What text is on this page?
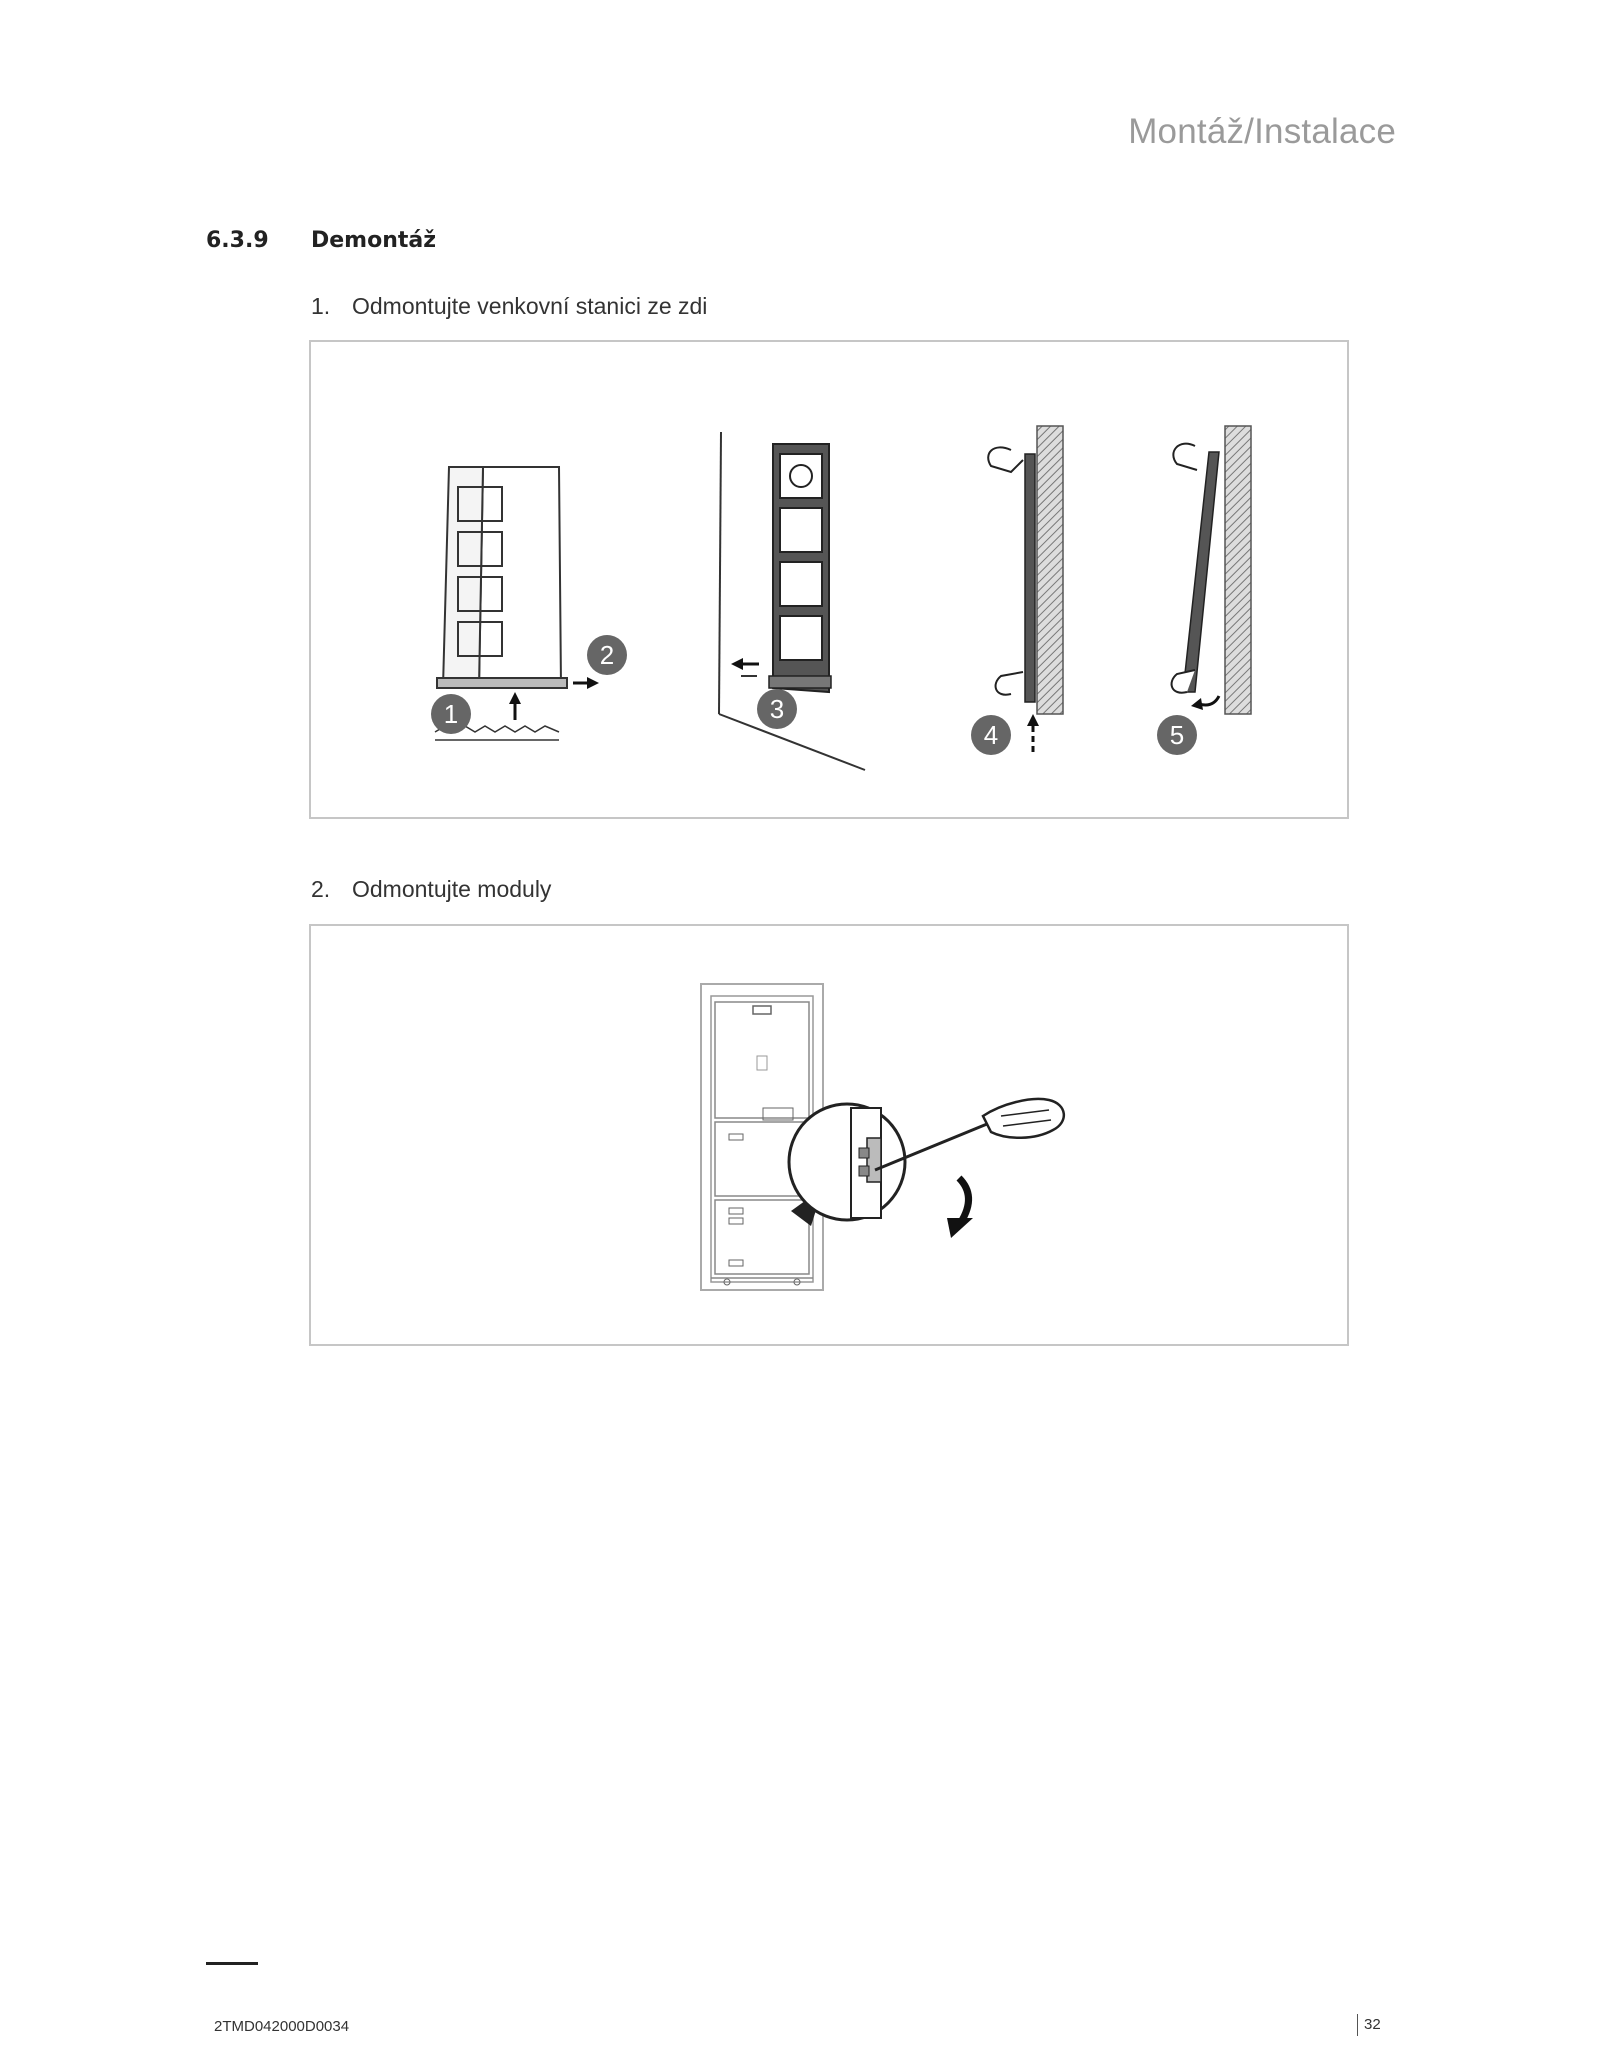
Montáž/Instalace
6.3.9 Demontáž
1. Odmontujte venkovní stanici ze zdi
1
2
3
4	5
2. Odmontujte moduly
2TMD042000D0034	32
